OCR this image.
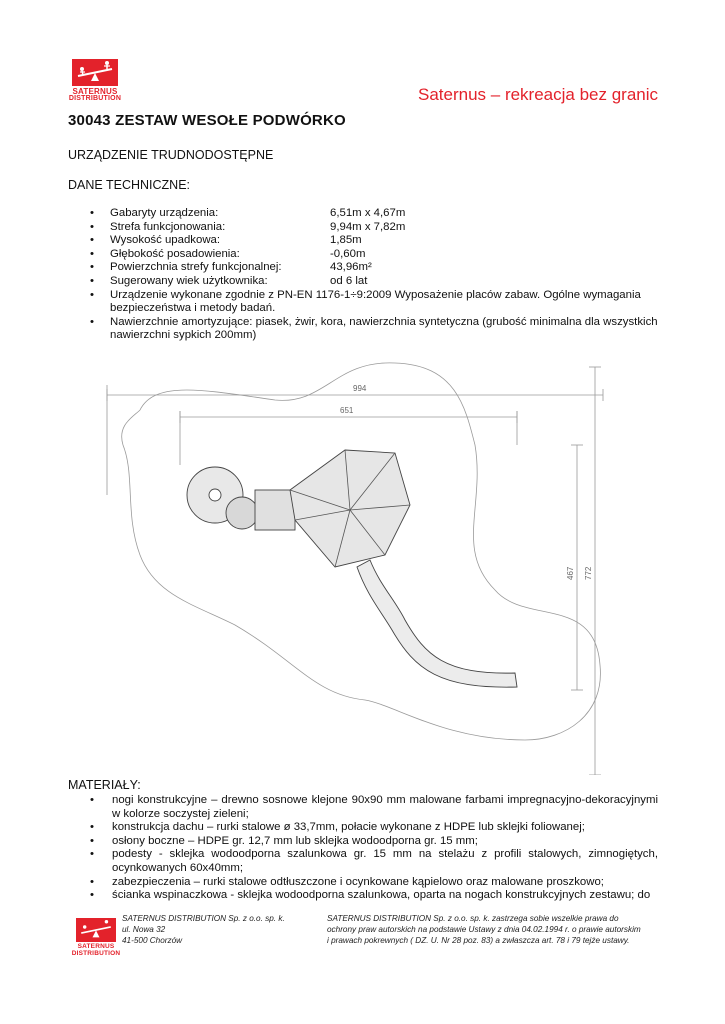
SATERNUS
DISTRIBUTION	Saternus – rekreacja bez granic
30043 ZESTAW WESOŁE PODWÓRKO
URZĄDZENIE TRUDNODOSTĘPNE
DANE TECHNICZNE:
• Gabaryty urządzenia:	6,51m x 4,67m
• Strefa funkcjonowania:	9,94m x 7,82m
• Wysokość upadkowa:	1,85m
• Głębokość posadowienia:	-0,60m
• Powierzchnia strefy funkcjonalnej:	43,96m²
• Sugerowany wiek użytkownika:	od 6 lat
• Urządzenie wykonane zgodnie z PN-EN 1176-1÷9:2009 Wyposażenie placów zabaw. Ogólne wymagania bezpieczeństwa i metody badań.
• Nawierzchnie amortyzujące: piasek, żwir, kora, nawierzchnia syntetyczna (grubość minimalna dla wszystkich nawierzchni sypkich 200mm)
994
651
467 772
MATERIAŁY:
• nogi konstrukcyjne – drewno sosnowe klejone 90x90 mm malowane farbami impregnacyjno-dekoracyjnymi w kolorze soczystej zieleni;
• konstrukcja dachu – rurki stalowe ø 33,7mm, połacie wykonane z HDPE lub sklejki foliowanej;
• osłony boczne – HDPE gr. 12,7 mm lub sklejka wodoodporna gr. 15 mm;
• podesty - sklejka wodoodporna szalunkowa gr. 15 mm na stelażu z profili stalowych, zimnogiętych, ocynkowanych 60x40mm;
• zabezpieczenia – rurki stalowe odtłuszczone i ocynkowane kąpielowo oraz malowane proszkowo;
• ścianka wspinaczkowa - sklejka wodoodporna szalunkowa, oparta na nogach konstrukcyjnych zestawu; do
SATERNUS
DISTRIBUTION
SATERNUS DISTRIBUTION Sp. z o.o. sp. k.
ul. Nowa 32
41-500 Chorzów
SATERNUS DISTRIBUTION Sp. z o.o. sp. k. zastrzega sobie wszelkie prawa do
ochrony praw autorskich na podstawie Ustawy z dnia 04.02.1994 r. o prawie autorskim
i prawach pokrewnych ( DZ. U. Nr 28 poz. 83) a zwłaszcza art. 78 i 79 tejże ustawy.
